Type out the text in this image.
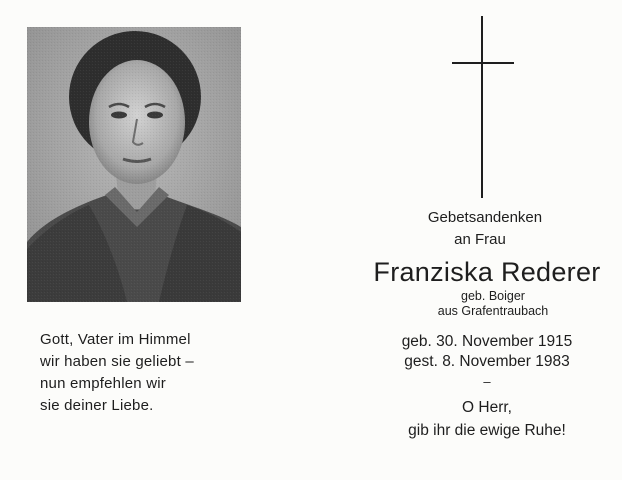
Gott, Vater im Himmel
wir haben sie geliebt –
nun empfehlen wir
sie deiner Liebe.
Gebetsandenken
an Frau
Franziska Rederer
geb. Boiger
aus Grafentraubach
geb. 30. November 1915
gest. 8. November 1983
–
O Herr,
gib ihr die ewige Ruhe!
